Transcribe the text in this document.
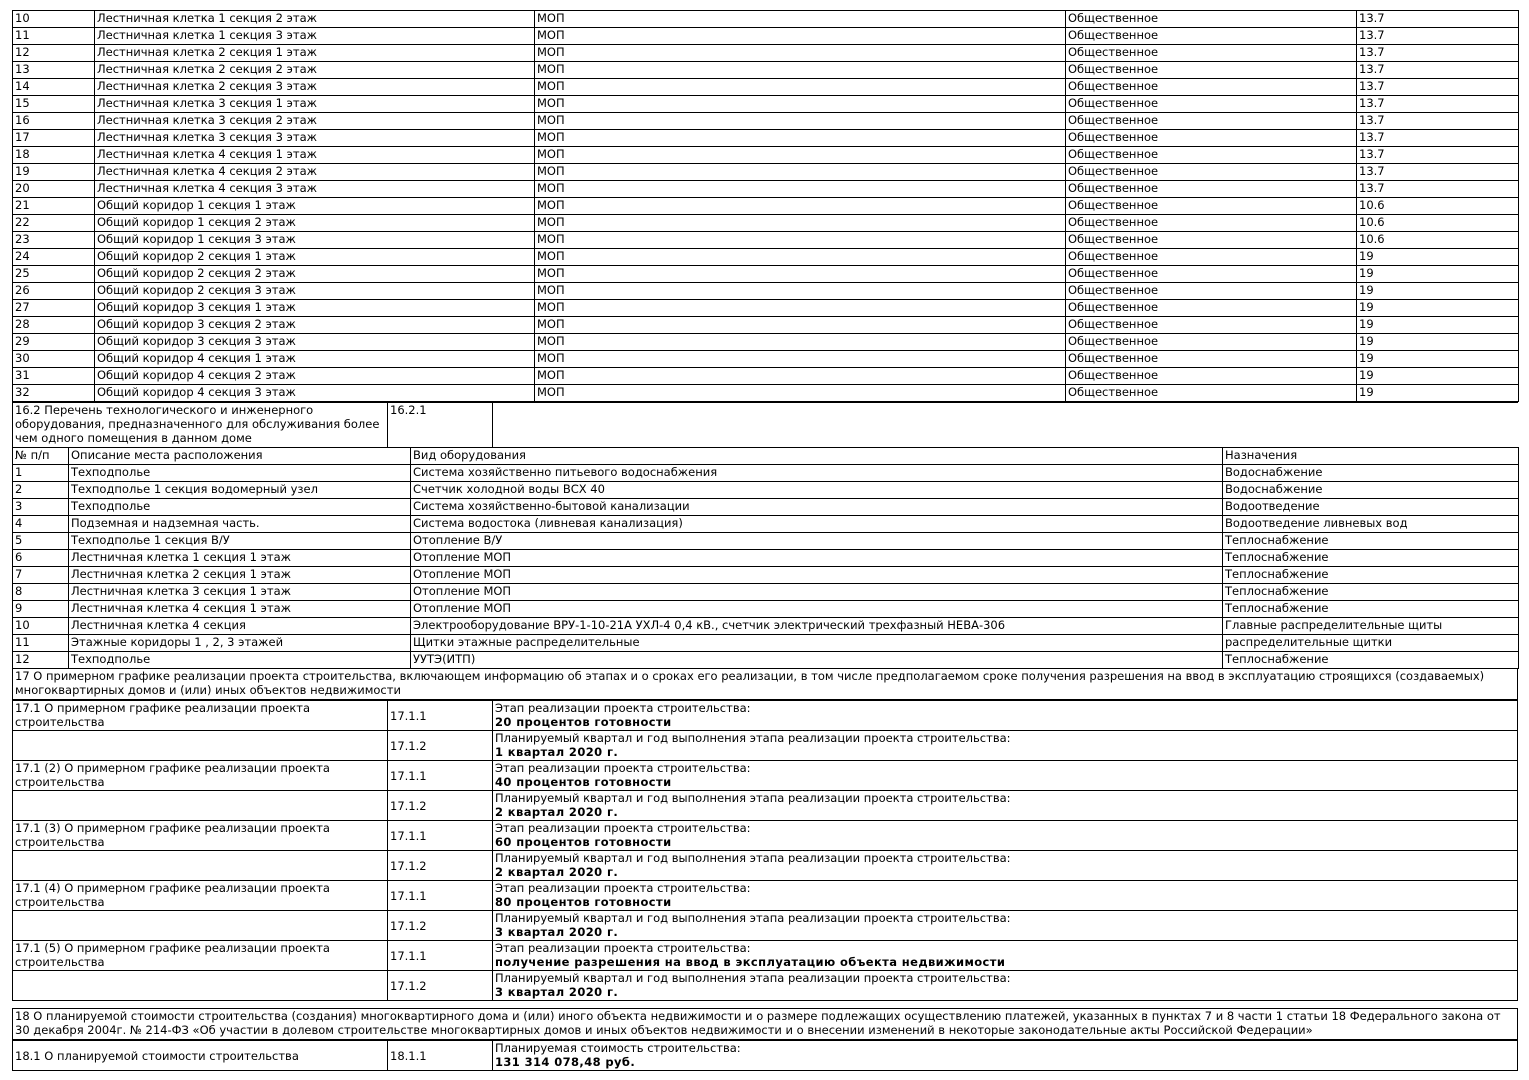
10	Лестничная клетка 1 секция 2 этаж	МОП	Общественное	13.7
11	Лестничная клетка 1 секция 3 этаж	МОП	Общественное	13.7
12	Лестничная клетка 2 секция 1 этаж	МОП	Общественное	13.7
13	Лестничная клетка 2 секция 2 этаж	МОП	Общественное	13.7
14	Лестничная клетка 2 секция 3 этаж	МОП	Общественное	13.7
15	Лестничная клетка 3 секция 1 этаж	МОП	Общественное	13.7
16	Лестничная клетка 3 секция 2 этаж	МОП	Общественное	13.7
17	Лестничная клетка 3 секция 3 этаж	МОП	Общественное	13.7
18	Лестничная клетка 4 секция 1 этаж	МОП	Общественное	13.7
19	Лестничная клетка 4 секция 2 этаж	МОП	Общественное	13.7
20	Лестничная клетка 4 секция 3 этаж	МОП	Общественное	13.7
21	Общий коридор 1 секция 1 этаж	МОП	Общественное	10.6
22	Общий коридор 1 секция 2 этаж	МОП	Общественное	10.6
23	Общий коридор 1 секция 3 этаж	МОП	Общественное	10.6
24	Общий коридор 2 секция 1 этаж	МОП	Общественное	19
25	Общий коридор 2 секция 2 этаж	МОП	Общественное	19
26	Общий коридор 2 секция 3 этаж	МОП	Общественное	19
27	Общий коридор 3 секция 1 этаж	МОП	Общественное	19
28	Общий коридор 3 секция 2 этаж	МОП	Общественное	19
29	Общий коридор 3 секция 3 этаж	МОП	Общественное	19
30	Общий коридор 4 секция 1 этаж	МОП	Общественное	19
31	Общий коридор 4 секция 2 этаж	МОП	Общественное	19
32	Общий коридор 4 секция 3 этаж	МОП	Общественное	19
16.2 Перечень технологического и инженерного оборудования, предназначенного для обслуживания более чем одного помещения в данном доме	16.2.1	
№ п/п	Описание места расположения	Вид оборудования	Назначения
1	Техподполье	Система хозяйственно питьевого водоснабжения	Водоснабжение
2	Техподполье 1 секция водомерный узел	Счетчик холодной воды ВСХ 40	Водоснабжение
3	Техподполье	Система хозяйственно-бытовой канализации	Водоотведение
4	Подземная и надземная часть.	Система водостока (ливневая канализация)	Водоотведение ливневых вод
5	Техподполье 1 секция В/У	Отопление В/У	Теплоснабжение
6	Лестничная клетка 1 секция 1 этаж	Отопление МОП	Теплоснабжение
7	Лестничная клетка 2 секция 1 этаж	Отопление МОП	Теплоснабжение
8	Лестничная клетка 3 секция 1 этаж	Отопление МОП	Теплоснабжение
9	Лестничная клетка 4 секция 1 этаж	Отопление МОП	Теплоснабжение
10	Лестничная клетка 4 секция	Электрооборудование ВРУ-1-10-21А УХЛ-4 0,4 кВ., счетчик электрический трехфазный НЕВА-306	Главные распределительные щиты
11	Этажные коридоры 1 , 2, 3 этажей	Щитки этажные распределительные	распределительные щитки
12	Техподполье	УУТЭ(ИТП)	Теплоснабжение
17 О примерном графике реализации проекта строительства, включающем информацию об этапах и о сроках его реализации, в том числе предполагаемом сроке получения разрешения на ввод в эксплуатацию строящихся (создаваемых) многоквартирных домов и (или) иных объектов недвижимости
17.1 О примерном графике реализации проекта строительства	17.1.1	Этап реализации проекта строительства:
20 процентов готовности

	17.1.2	Планируемый квартал и год выполнения этапа реализации проекта строительства:
1 квартал 2020 г.

17.1 (2) О примерном графике реализации проекта строительства	17.1.1	Этап реализации проекта строительства:
40 процентов готовности

	17.1.2	Планируемый квартал и год выполнения этапа реализации проекта строительства:
2 квартал 2020 г.

17.1 (3) О примерном графике реализации проекта строительства	17.1.1	Этап реализации проекта строительства:
60 процентов готовности

	17.1.2	Планируемый квартал и год выполнения этапа реализации проекта строительства:
2 квартал 2020 г.

17.1 (4) О примерном графике реализации проекта строительства	17.1.1	Этап реализации проекта строительства:
80 процентов готовности

	17.1.2	Планируемый квартал и год выполнения этапа реализации проекта строительства:
3 квартал 2020 г.

17.1 (5) О примерном графике реализации проекта строительства	17.1.1	Этап реализации проекта строительства:
получение разрешения на ввод в эксплуатацию объекта недвижимости

	17.1.2	Планируемый квартал и год выполнения этапа реализации проекта строительства:
3 квартал 2020 г.
18 О планируемой стоимости строительства (создания) многоквартирного дома и (или) иного объекта недвижимости и о размере подлежащих осуществлению платежей, указанных в пунктах 7 и 8 части 1 статьи 18 Федерального закона от 30 декабря 2004г. № 214-ФЗ «Об участии в долевом строительстве многоквартирных домов и иных объектов недвижимости и о внесении изменений в некоторые законодательные акты Российской Федерации»
18.1 О планируемой стоимости строительства	18.1.1	
Планируемая стоимость строительства:
131 314 078,48 руб.
